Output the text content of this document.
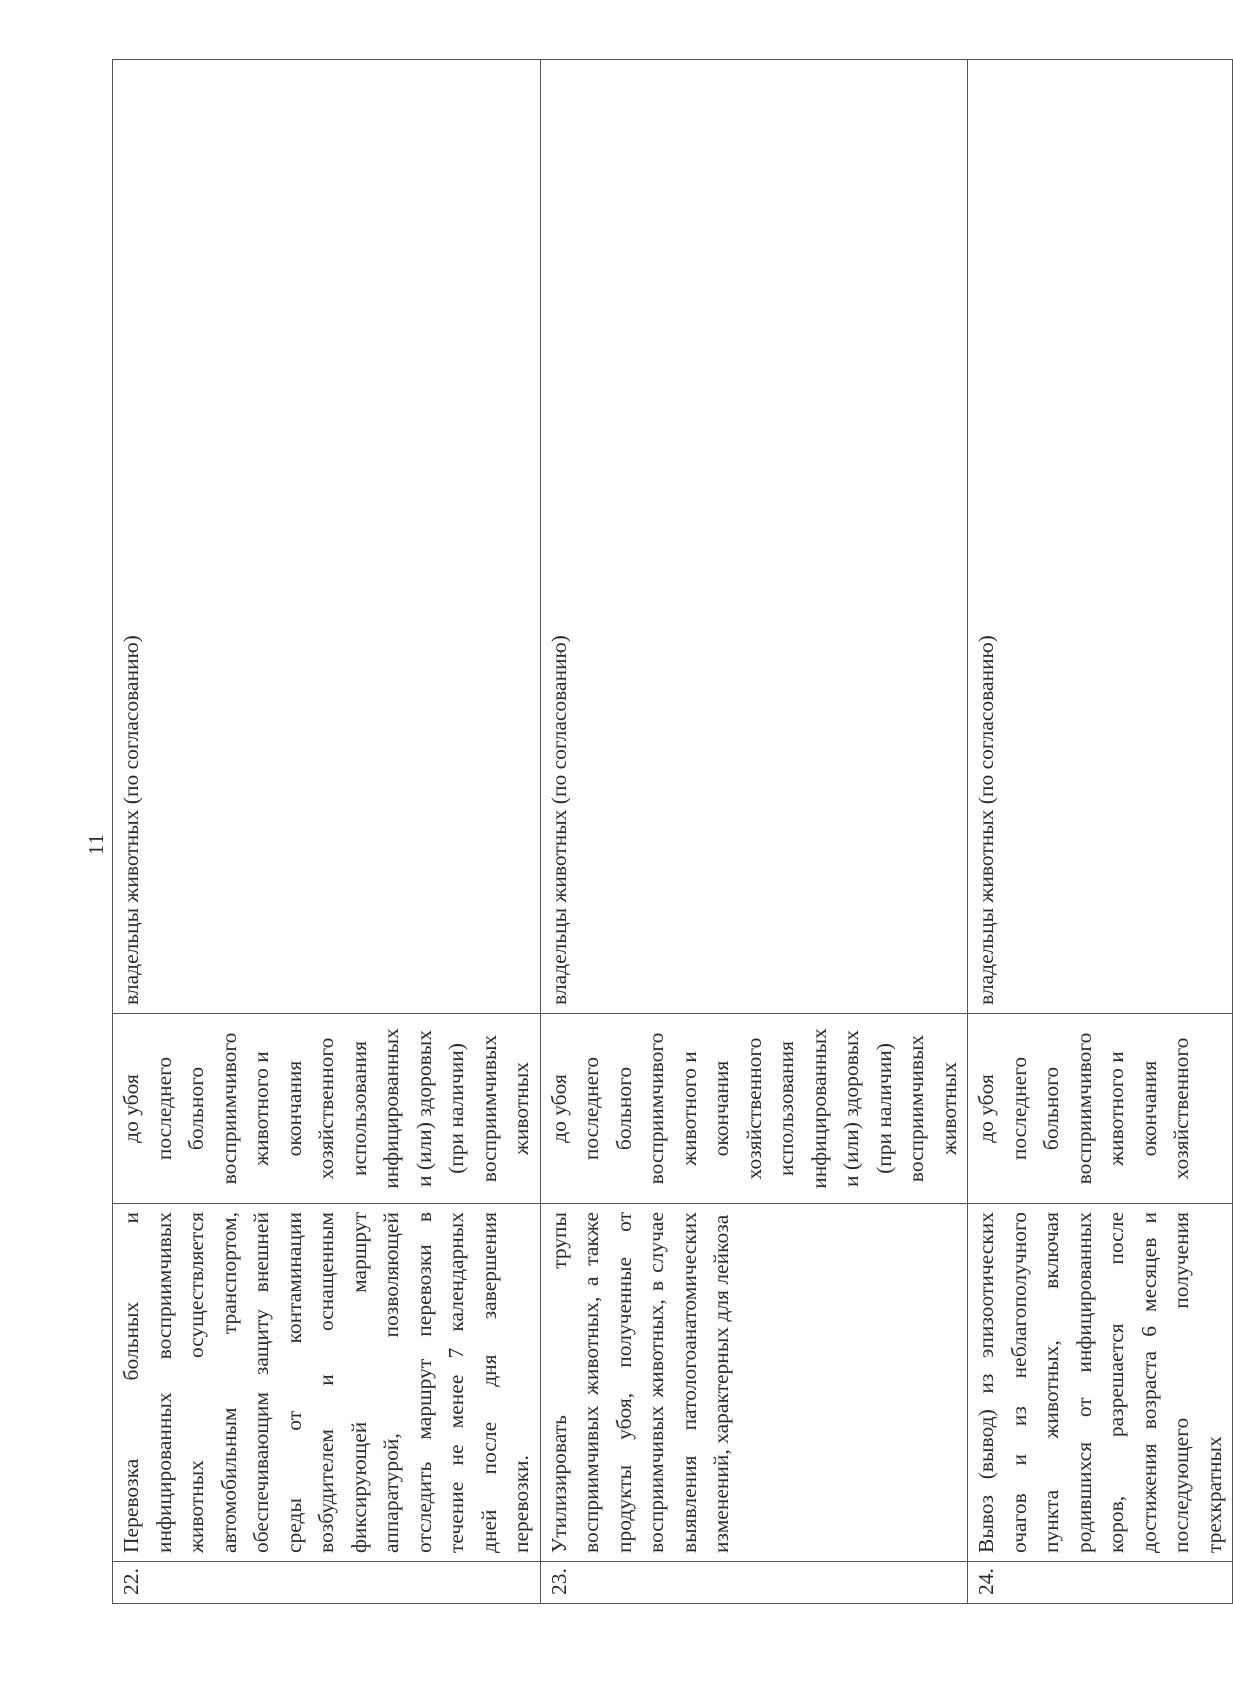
11
22.	Перевозка больных и инфицированных восприимчивых животных осуществляется автомобильным транспортом, обеспечивающим защиту внешней среды от контаминации возбудителем и оснащенным фиксирующей маршрут аппаратурой, позволяющей отследить маршрут перевозки в течение не менее 7 календарных дней после дня завершения перевозки.	до убоя последнего больного восприимчивого животного и окончания хозяйственного использования инфицированных и (или) здоровых (при наличии) восприимчивых животных	владельцы животных (по согласованию)
23.	Утилизировать трупы восприимчивых животных, а также продукты убоя, полученные от восприимчивых животных, в случае выявления патологоанатомических изменений, характерных для лейкоза	до убоя последнего больного восприимчивого животного и окончания хозяйственного использования инфицированных и (или) здоровых (при наличии) восприимчивых животных	владельцы животных (по согласованию)
24.	Вывоз (вывод) из эпизоотических очагов и из неблагополучного пункта животных, включая родившихся от инфицированных коров, разрешается после достижения возраста 6 месяцев и последующего получения трехкратных	до убоя последнего больного восприимчивого животного и окончания хозяйственного	владельцы животных (по согласованию)
